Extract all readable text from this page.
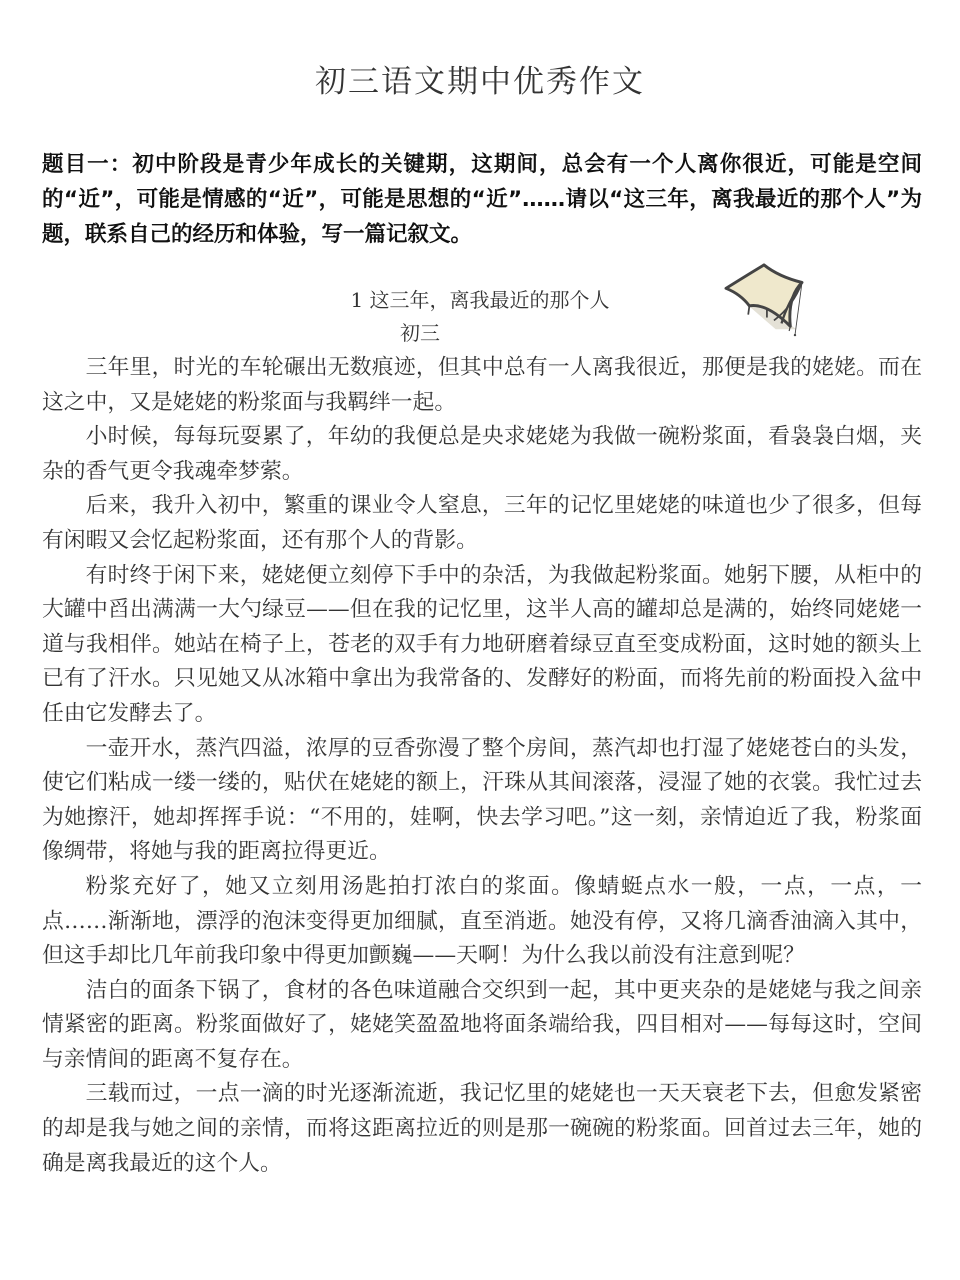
初三语文期中优秀作文
题目一：初中阶段是青少年成长的关键期，这期间，总会有一个人离你很近，可能是空间的“近”，可能是情感的“近”，可能是思想的“近”……请以“这三年，离我最近的那个人”为题，联系自己的经历和体验，写一篇记叙文。
1 这三年，离我最近的那个人
初三

三年里，时光的车轮碾出无数痕迹，但其中总有一人离我很近，那便是我的姥姥。而在这之中，又是姥姥的粉浆面与我羁绊一起。

小时候，每每玩耍累了，年幼的我便总是央求姥姥为我做一碗粉浆面，看袅袅白烟，夹杂的香气更令我魂牵梦萦。

后来，我升入初中，繁重的课业令人窒息，三年的记忆里姥姥的味道也少了很多，但每有闲暇又会忆起粉浆面，还有那个人的背影。

有时终于闲下来，姥姥便立刻停下手中的杂活，为我做起粉浆面。她躬下腰，从柜中的大罐中舀出满满一大勺绿豆——但在我的记忆里，这半人高的罐却总是满的，始终同姥姥一道与我相伴。她站在椅子上，苍老的双手有力地研磨着绿豆直至变成粉面，这时她的额头上已有了汗水。只见她又从冰箱中拿出为我常备的、发酵好的粉面，而将先前的粉面投入盆中任由它发酵去了。

一壶开水，蒸汽四溢，浓厚的豆香弥漫了整个房间，蒸汽却也打湿了姥姥苍白的头发，使它们粘成一缕一缕的，贴伏在姥姥的额上，汗珠从其间滚落，浸湿了她的衣裳。我忙过去为她擦汗，她却挥挥手说：“不用的，娃啊，快去学习吧。”这一刻，亲情迫近了我，粉浆面像绸带，将她与我的距离拉得更近。

粉浆充好了，她又立刻用汤匙拍打浓白的浆面。像蜻蜓点水一般，一点，一点，一点……渐渐地，漂浮的泡沫变得更加细腻，直至消逝。她没有停，又将几滴香油滴入其中，但这手却比几年前我印象中得更加颤巍——天啊！为什么我以前没有注意到呢？

洁白的面条下锅了，食材的各色味道融合交织到一起，其中更夹杂的是姥姥与我之间亲情紧密的距离。粉浆面做好了，姥姥笑盈盈地将面条端给我，四目相对——每每这时，空间与亲情间的距离不复存在。

三载而过，一点一滴的时光逐渐流逝，我记忆里的姥姥也一天天衰老下去，但愈发紧密的却是我与她之间的亲情，而将这距离拉近的则是那一碗碗的粉浆面。回首过去三年，她的确是离我最近的这个人。
